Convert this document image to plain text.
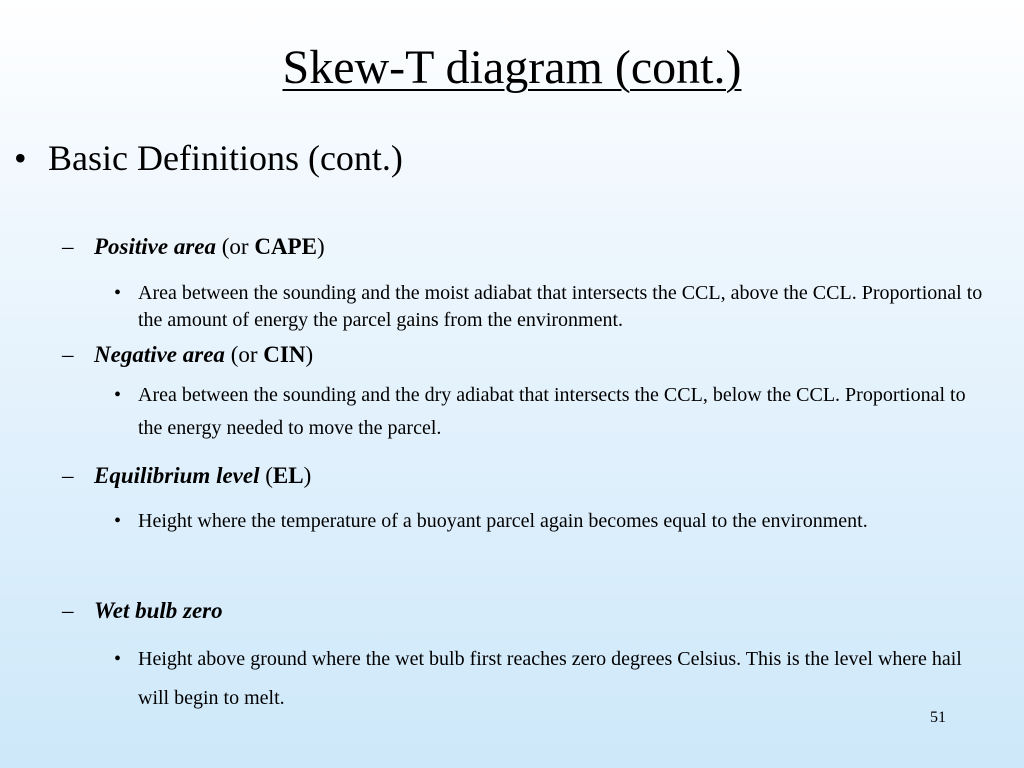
Skew-T diagram (cont.)
• Basic Definitions (cont.)
– Positive area (or CAPE)
• Area between the sounding and the moist adiabat that intersects the CCL, above the CCL. Proportional to the amount of energy the parcel gains from the environment.
– Negative area (or CIN)
• Area between the sounding and the dry adiabat that intersects the CCL, below the CCL. Proportional to the energy needed to move the parcel.
– Equilibrium level (EL)
• Height where the temperature of a buoyant parcel again becomes equal to the environment.
– Wet bulb zero
• Height above ground where the wet bulb first reaches zero degrees Celsius. This is the level where hail will begin to melt.
51
